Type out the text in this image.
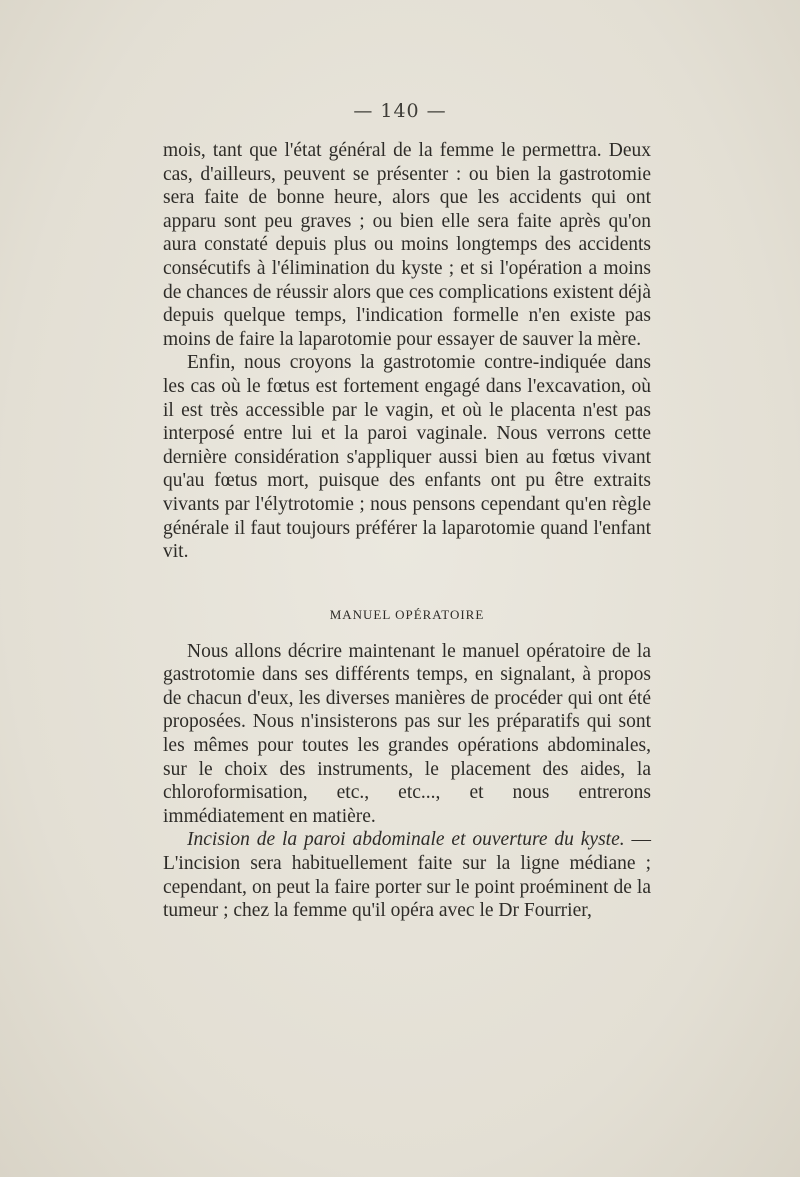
— 140 —

mois, tant que l'état général de la femme le permettra. Deux cas, d'ailleurs, peuvent se présenter : ou bien la gastrotomie sera faite de bonne heure, alors que les accidents qui ont apparu sont peu graves ; ou bien elle sera faite après qu'on aura constaté depuis plus ou moins longtemps des accidents consécutifs à l'élimination du kyste ; et si l'opération a moins de chances de réussir alors que ces complications existent déjà depuis quelque temps, l'indication formelle n'en existe pas moins de faire la laparotomie pour essayer de sauver la mère.

Enfin, nous croyons la gastrotomie contre-indiquée dans les cas où le fœtus est fortement engagé dans l'excavation, où il est très accessible par le vagin, et où le placenta n'est pas interposé entre lui et la paroi vaginale. Nous verrons cette dernière considération s'appliquer aussi bien au fœtus vivant qu'au fœtus mort, puisque des enfants ont pu être extraits vivants par l'élytrotomie ; nous pensons cependant qu'en règle générale il faut toujours préférer la laparotomie quand l'enfant vit.

MANUEL OPÉRATOIRE

Nous allons décrire maintenant le manuel opératoire de la gastrotomie dans ses différents temps, en signalant, à propos de chacun d'eux, les diverses manières de procéder qui ont été proposées. Nous n'insisterons pas sur les préparatifs qui sont les mêmes pour toutes les grandes opérations abdominales, sur le choix des instruments, le placement des aides, la chloroformisation, etc., etc..., et nous entrerons immédiatement en matière.

Incision de la paroi abdominale et ouverture du kyste. — L'incision sera habituellement faite sur la ligne médiane ; cependant, on peut la faire porter sur le point proéminent de la tumeur ; chez la femme qu'il opéra avec le Dr Fourrier,
